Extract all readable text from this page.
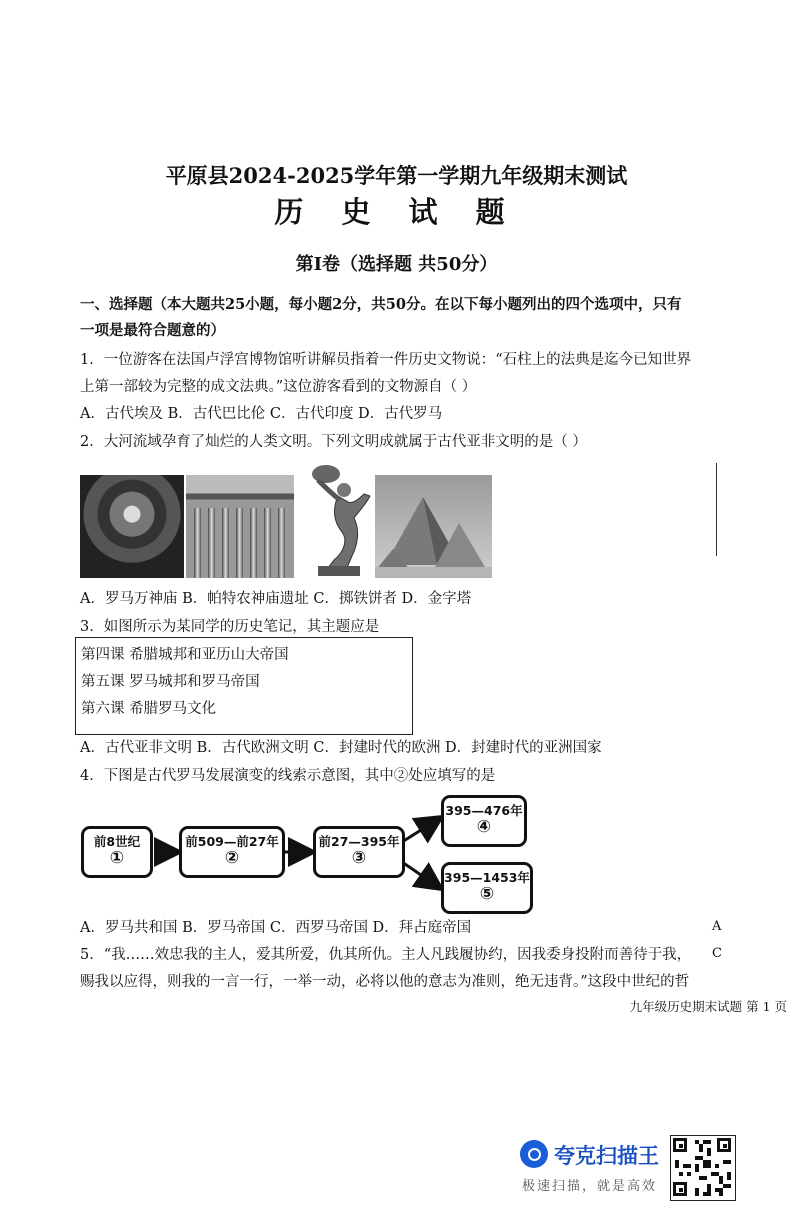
平原县2024-2025学年第一学期九年级期末测试
历 史 试 题
第Ⅰ卷（选择题 共50分）
一、选择题（本大题共25小题，每小题2分，共50分。在以下每小题列出的四个选项中，只有
一项是最符合题意的）
1．一位游客在法国卢浮宫博物馆听讲解员指着一件历史文物说：“石柱上的法典是迄今已知世界
上第一部较为完整的成文法典。”这位游客看到的文物源自（ ）
A．古代埃及 B．古代巴比伦 C．古代印度 D．古代罗马
2．大河流域孕育了灿烂的人类文明。下列文明成就属于古代亚非文明的是（ ）
A．罗马万神庙 B．帕特农神庙遗址 C．掷铁饼者 D．金字塔
3．如图所示为某同学的历史笔记，其主题应是
第四课 希腊城邦和亚历山大帝国
第五课 罗马城邦和罗马帝国
第六课 希腊罗马文化
A．古代亚非文明 B．古代欧洲文明 C．封建时代的欧洲 D．封建时代的亚洲国家
4．下图是古代罗马发展演变的线索示意图，其中②处应填写的是
前8世纪
①
前509—前27年
②
前27—395年
③
395—476年
④
395—1453年
⑤
A．罗马共和国 B．罗马帝国 C．西罗马帝国 D．拜占庭帝国
5．“我……效忠我的主人，爱其所爱，仇其所仇。主人凡践履协约，因我委身投附而善待于我，
赐我以应得，则我的一言一行，一举一动，必将以他的意志为准则，绝无违背。”这段中世纪的哲
A
C
九年级历史期末试题 第 1 页
夸克扫描王
极速扫描，就是高效
